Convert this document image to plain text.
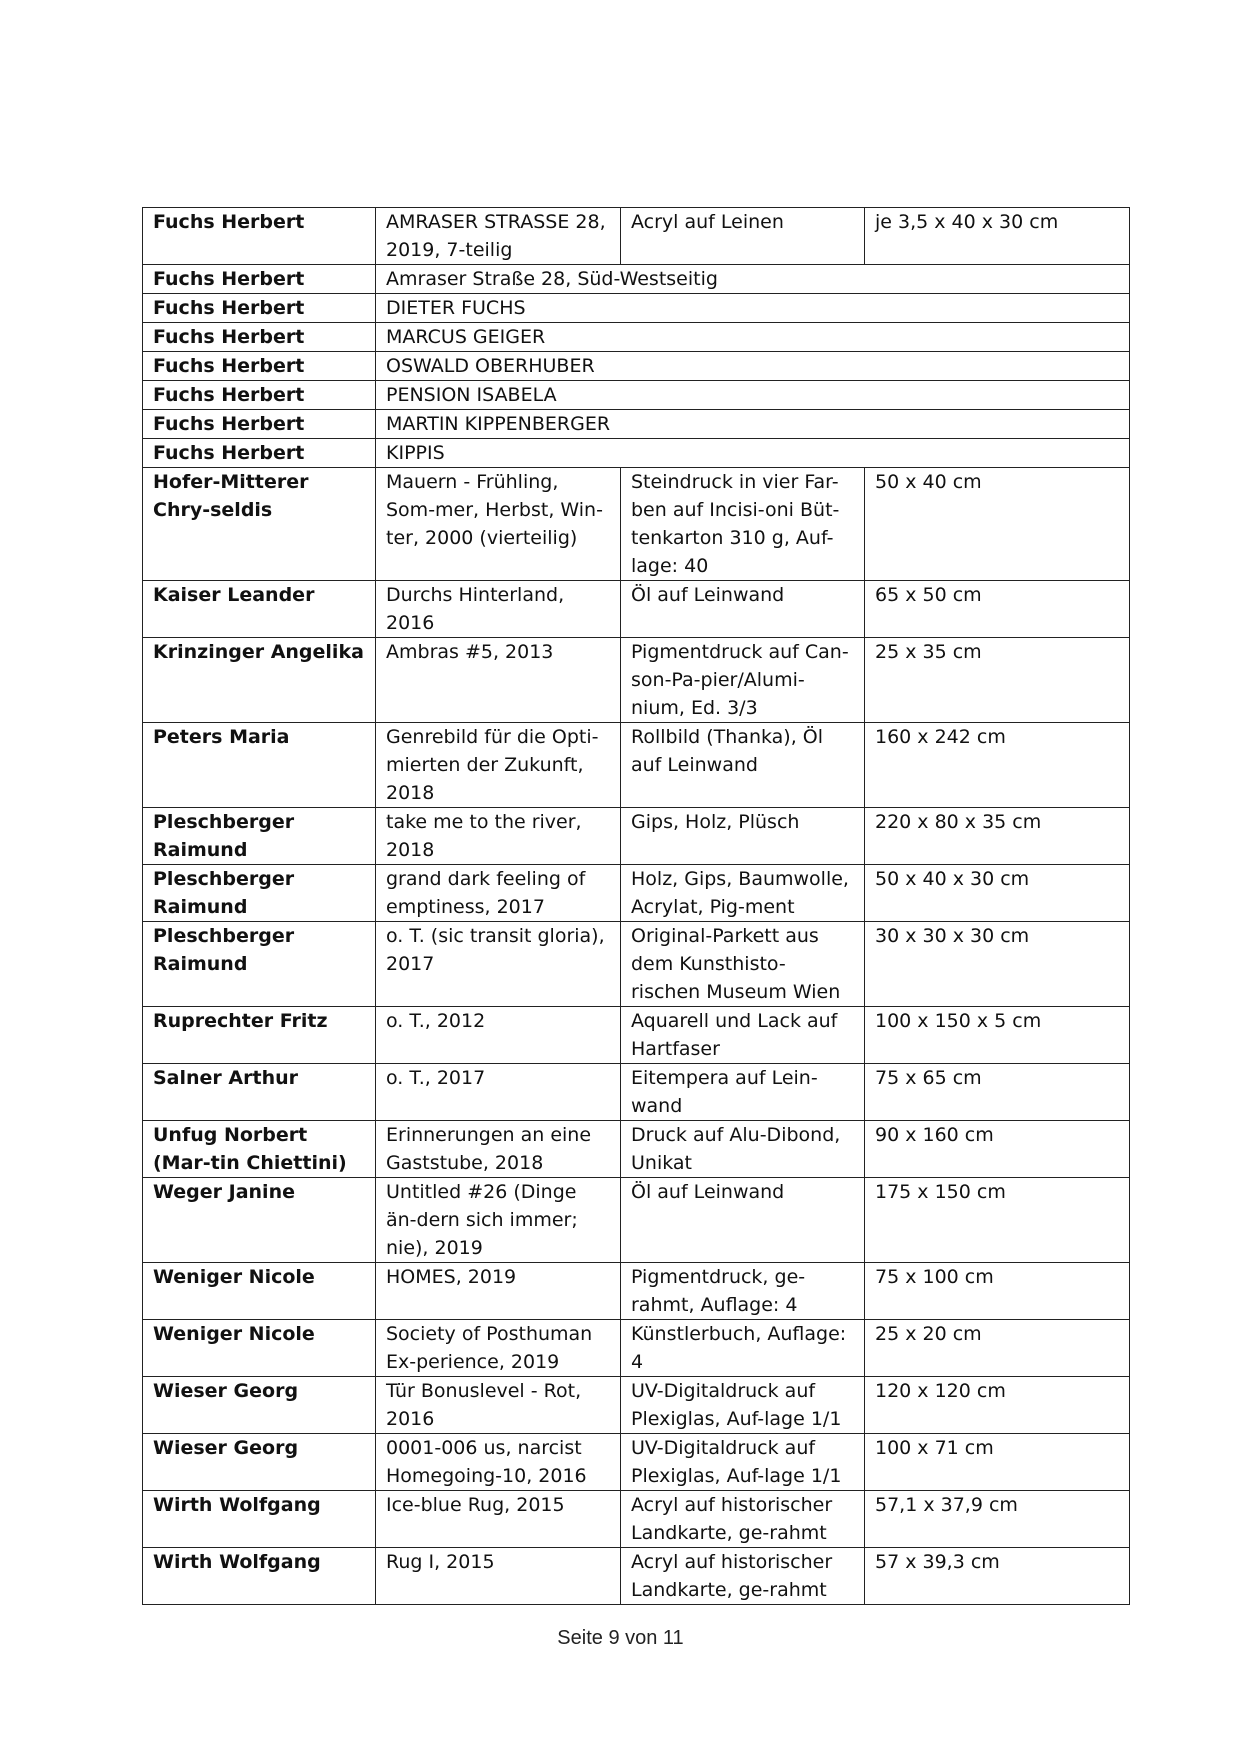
Fuchs Herbert	AMRASER STRASSE 28, 2019, 7-teilig	Acryl auf Leinen	je 3,5 x 40 x 30 cm
Fuchs Herbert	Amraser Straße 28, Süd-Westseitig		
Fuchs Herbert	DIETER FUCHS		
Fuchs Herbert	MARCUS GEIGER		
Fuchs Herbert	OSWALD OBERHUBER		
Fuchs Herbert	PENSION ISABELA		
Fuchs Herbert	MARTIN KIPPENBERGER		
Fuchs Herbert	KIPPIS		
Hofer-Mitterer Chry-seldis	Mauern - Frühling, Som-mer, Herbst, Win-ter, 2000 (vierteilig)	Steindruck in vier Far-ben auf Incisi-oni Büt-tenkarton 310 g, Auf-lage: 40	50 x 40 cm
Kaiser Leander	Durchs Hinterland, 2016	Öl auf Leinwand	65 x 50 cm
Krinzinger Angelika	Ambras #5, 2013	Pigmentdruck auf Can-son-Pa-pier/Alumi-nium, Ed. 3/3	25 x 35 cm
Peters Maria	Genrebild für die Opti-mierten der Zukunft, 2018	Rollbild (Thanka), Öl auf Leinwand	160 x 242 cm
Pleschberger Raimund	take me to the river, 2018	Gips, Holz, Plüsch	220 x 80 x 35 cm
Pleschberger Raimund	grand dark feeling of emptiness, 2017	Holz, Gips, Baumwolle, Acrylat, Pig-ment	50 x 40 x 30 cm
Pleschberger Raimund	o. T. (sic transit gloria), 2017	Original-Parkett aus dem Kunsthisto-rischen Museum Wien	30 x 30 x 30 cm
Ruprechter Fritz	o. T., 2012	Aquarell und Lack auf Hartfaser	100 x 150 x 5 cm
Salner Arthur	o. T., 2017	Eitempera auf Lein-wand	75 x 65 cm
Unfug Norbert (Mar-tin Chiettini)	Erinnerungen an eine Gaststube, 2018	Druck auf Alu-Dibond, Unikat	90 x 160 cm
Weger Janine	Untitled #26 (Dinge än-dern sich immer; nie), 2019	Öl auf Leinwand	175 x 150 cm
Weniger Nicole	HOMES, 2019	Pigmentdruck, ge-rahmt, Auflage: 4	75 x 100 cm
Weniger Nicole	Society of Posthuman Ex-perience, 2019	Künstlerbuch, Auflage: 4	25 x 20 cm
Wieser Georg	Tür Bonuslevel - Rot, 2016	UV-Digitaldruck auf Plexiglas, Auf-lage 1/1	120 x 120 cm
Wieser Georg	0001-006 us, narcist Homegoing-10, 2016	UV-Digitaldruck auf Plexiglas, Auf-lage 1/1	100 x 71 cm
Wirth Wolfgang	Ice-blue Rug, 2015	Acryl auf historischer Landkarte, ge-rahmt	57,1 x 37,9 cm
Wirth Wolfgang	Rug I, 2015	Acryl auf historischer Landkarte, ge-rahmt	57 x 39,3 cm
Seite 9 von 11
